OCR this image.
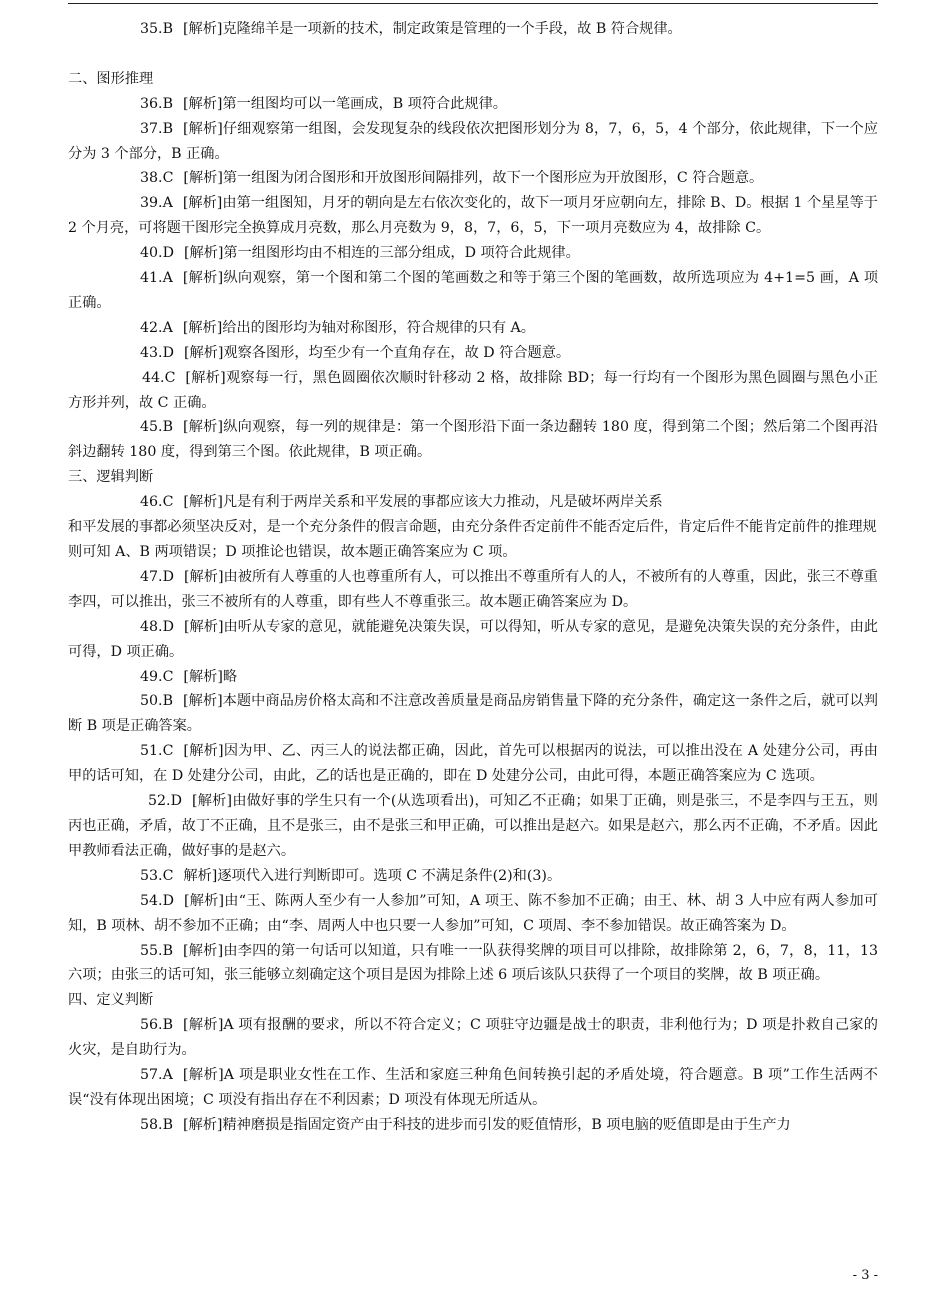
35.B [解析]克隆绵羊是一项新的技术，制定政策是管理的一个手段，故 B 符合规律。
二、图形推理
36.B [解析]第一组图均可以一笔画成，B 项符合此规律。
37.B [解析]仔细观察第一组图，会发现复杂的线段依次把图形划分为 8，7，6，5，4 个部分，依此规律，下一个应分为 3 个部分，B 正确。
38.C [解析]第一组图为闭合图形和开放图形间隔排列，故下一个图形应为开放图形，C 符合题意。
39.A [解析]由第一组图知，月牙的朝向是左右依次变化的，故下一项月牙应朝向左，排除 B、D。根据 1 个星星等于 2 个月亮，可将题干图形完全换算成月亮数，那么月亮数为 9，8，7，6，5，下一项月亮数应为 4，故排除 C。
40.D [解析]第一组图形均由不相连的三部分组成，D 项符合此规律。
41.A [解析]纵向观察，第一个图和第二个图的笔画数之和等于第三个图的笔画数，故所选项应为 4+1=5 画，A 项正确。
42.A [解析]给出的图形均为轴对称图形，符合规律的只有 A。
43.D [解析]观察各图形，均至少有一个直角存在，故 D 符合题意。
44.C [解析]观察每一行，黑色圆圈依次顺时针移动 2 格，故排除 BD；每一行均有一个图形为黑色圆圈与黑色小正方形并列，故 C 正确。
45.B [解析]纵向观察，每一列的规律是：第一个图形沿下面一条边翻转 180 度，得到第二个图；然后第二个图再沿斜边翻转 180 度，得到第三个图。依此规律，B 项正确。
三、逻辑判断
46.C [解析]凡是有利于两岸关系和平发展的事都应该大力推动，凡是破坏两岸关系
和平发展的事都必须坚决反对，是一个充分条件的假言命题，由充分条件否定前件不能否定后件，肯定后件不能肯定前件的推理规则可知 A、B 两项错误；D 项推论也错误，故本题正确答案应为 C 项。
47.D [解析]由被所有人尊重的人也尊重所有人，可以推出不尊重所有人的人，不被所有的人尊重，因此，张三不尊重李四，可以推出，张三不被所有的人尊重，即有些人不尊重张三。故本题正确答案应为 D。
48.D [解析]由听从专家的意见，就能避免决策失误，可以得知，听从专家的意见，是避免决策失误的充分条件，由此可得，D 项正确。
49.C [解析]略
50.B [解析]本题中商品房价格太高和不注意改善质量是商品房销售量下降的充分条件，确定这一条件之后，就可以判断 B 项是正确答案。
51.C [解析]因为甲、乙、丙三人的说法都正确，因此，首先可以根据丙的说法，可以推出没在 A 处建分公司，再由甲的话可知，在 D 处建分公司，由此，乙的话也是正确的，即在 D 处建分公司，由此可得，本题正确答案应为 C 选项。
52.D [解析]由做好事的学生只有一个(从选项看出)，可知乙不正确；如果丁正确，则是张三，不是李四与王五，则丙也正确，矛盾，故丁不正确，且不是张三，由不是张三和甲正确，可以推出是赵六。如果是赵六，那么丙不正确，不矛盾。因此甲教师看法正确，做好事的是赵六。
53.C 解析]逐项代入进行判断即可。选项 C 不满足条件(2)和(3)。
54.D [解析]由“王、陈两人至少有一人参加”可知，A 项王、陈不参加不正确；由王、林、胡 3 人中应有两人参加可知，B 项林、胡不参加不正确；由“李、周两人中也只要一人参加”可知，C 项周、李不参加错误。故正确答案为 D。
55.B [解析]由李四的第一句话可以知道，只有唯一一队获得奖牌的项目可以排除，故排除第 2，6，7，8，11，13 六项；由张三的话可知，张三能够立刻确定这个项目是因为排除上述 6 项后该队只获得了一个项目的奖牌，故 B 项正确。
四、定义判断
56.B [解析]A 项有报酬的要求，所以不符合定义；C 项驻守边疆是战士的职责，非利他行为；D 项是扑救自己家的火灾，是自助行为。
57.A [解析]A 项是职业女性在工作、生活和家庭三种角色间转换引起的矛盾处境，符合题意。B 项”工作生活两不误“没有体现出困境；C 项没有指出存在不利因素；D 项没有体现无所适从。
58.B [解析]精神磨损是指固定资产由于科技的进步而引发的贬值情形，B 项电脑的贬值即是由于生产力
- 3 -
